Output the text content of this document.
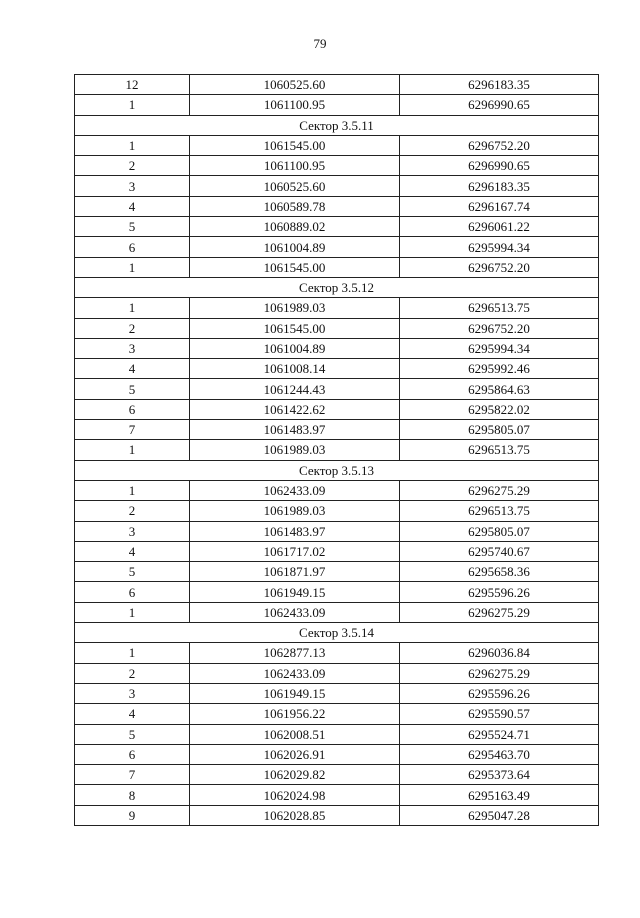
79
12	1060525.60	6296183.35
1	1061100.95	6296990.65
Сектор 3.5.11		
1	1061545.00	6296752.20
2	1061100.95	6296990.65
3	1060525.60	6296183.35
4	1060589.78	6296167.74
5	1060889.02	6296061.22
6	1061004.89	6295994.34
1	1061545.00	6296752.20
Сектор 3.5.12		
1	1061989.03	6296513.75
2	1061545.00	6296752.20
3	1061004.89	6295994.34
4	1061008.14	6295992.46
5	1061244.43	6295864.63
6	1061422.62	6295822.02
7	1061483.97	6295805.07
1	1061989.03	6296513.75
Сектор 3.5.13		
1	1062433.09	6296275.29
2	1061989.03	6296513.75
3	1061483.97	6295805.07
4	1061717.02	6295740.67
5	1061871.97	6295658.36
6	1061949.15	6295596.26
1	1062433.09	6296275.29
Сектор 3.5.14		
1	1062877.13	6296036.84
2	1062433.09	6296275.29
3	1061949.15	6295596.26
4	1061956.22	6295590.57
5	1062008.51	6295524.71
6	1062026.91	6295463.70
7	1062029.82	6295373.64
8	1062024.98	6295163.49
9	1062028.85	6295047.28
